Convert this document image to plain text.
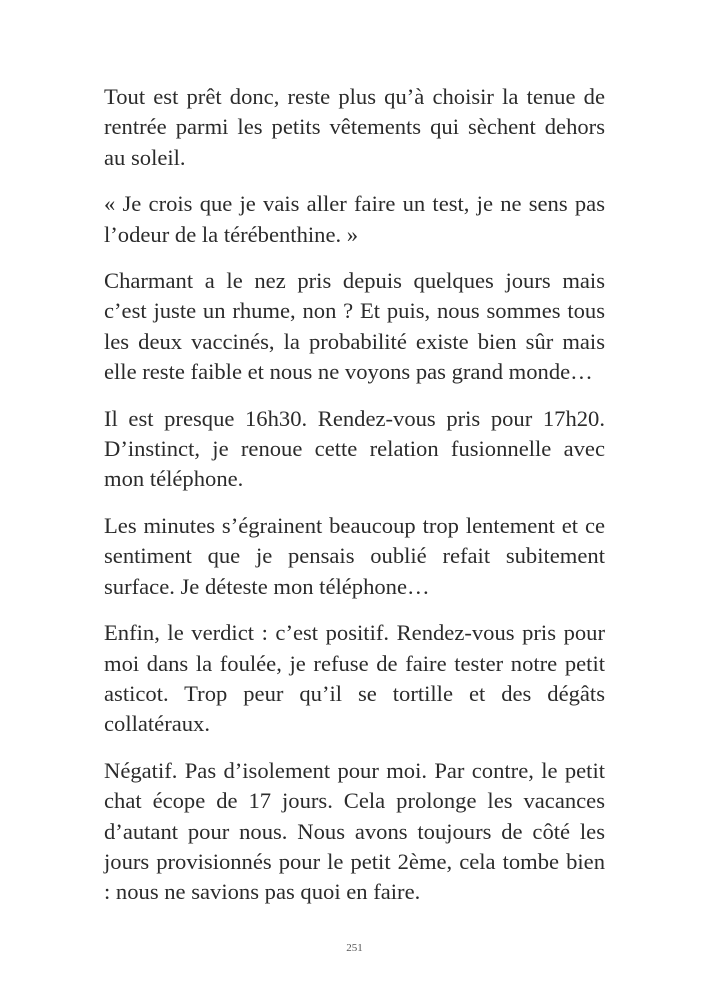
Tout est prêt donc, reste plus qu’à choisir la tenue de rentrée parmi les petits vêtements qui sèchent dehors au soleil.

« Je crois que je vais aller faire un test, je ne sens pas l’odeur de la térébenthine. »

Charmant a le nez pris depuis quelques jours mais c’est juste un rhume, non ? Et puis, nous sommes tous les deux vaccinés, la probabilité existe bien sûr mais elle reste faible et nous ne voyons pas grand monde…

Il est presque 16h30. Rendez-vous pris pour 17h20. D’instinct, je renoue cette relation fusionnelle avec mon téléphone.

Les minutes s’égrainent beaucoup trop lentement et ce sentiment que je pensais oublié refait subitement surface. Je déteste mon téléphone…

Enfin, le verdict : c’est positif. Rendez-vous pris pour moi dans la foulée, je refuse de faire tester notre petit asticot. Trop peur qu’il se tortille et des dégâts collatéraux.

Négatif. Pas d’isolement pour moi. Par contre, le petit chat écope de 17 jours. Cela prolonge les vacances d’autant pour nous. Nous avons toujours de côté les jours provisionnés pour le petit 2ème, cela tombe bien : nous ne savions pas quoi en faire.

251
